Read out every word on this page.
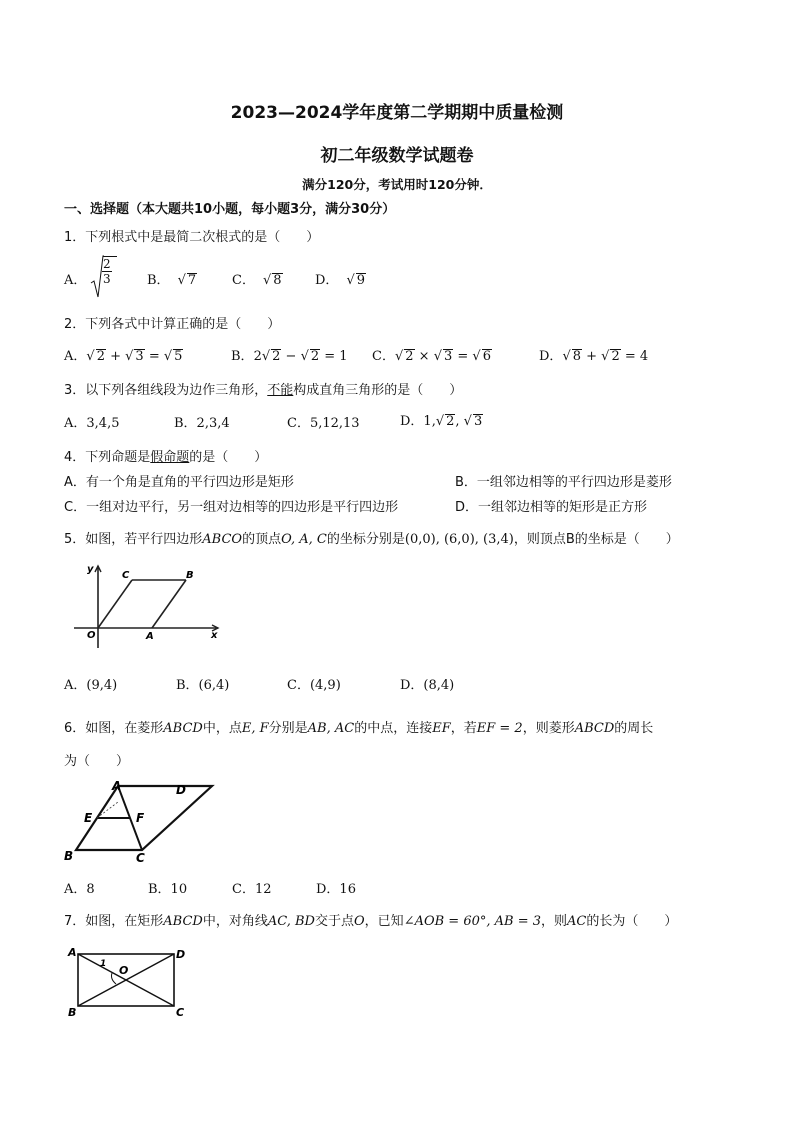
2023—2024学年度第二学期期中质量检测
初二年级数学试题卷
满分120分，考试用时120分钟．
一、选择题（本大题共10小题，每小题3分，满分30分）
1．下列根式中是最简二次根式的是（　　）
A． $\frac{2}{3}$	B． √ 7	C． √ 8	D． √ 9
2．下列各式中计算正确的是（　　）
A．√ 2 + √ 3 = √ 5	B．2√ 2 − √ 2 = 1 C．√ 2 × √ 3 = √ 6	D．√ 8 + √ 2 = 4
3．以下列各组线段为边作三角形，不能构成直角三角形的是（　　）
A．3,4,5	B．2,3,4	C．5,12,13	D．1,√ 2, √ 3
4．下列命题是假命题的是（　　）
A．有一个角是直角的平行四边形是矩形	B．一组邻边相等的平行四边形是菱形
C．一组对边平行，另一组对边相等的四边形是平行四边形	D．一组邻边相等的矩形是正方形
5．如图，若平行四边形ABCO的顶点O, A, C的坐标分别是(0,0), (6,0), (3,4)，则顶点B的坐标是（　　）
y
C	B
O	A	x
A．(9,4)	B．(6,4)	C．(4,9)	D．(8,4)
6．如图，在菱形ABCD中，点E, F分别是AB, AC的中点，连接EF，若EF = 2，则菱形ABCD的周长
为（　　）
A	D
E	F
B	C
A．8	B．10	C．12	D．16
7．如图，在矩形ABCD中，对角线AC, BD交于点O，已知∠AOB = 60°, AB = 3，则AC的长为（　　）
1
A	D
O
B	C
